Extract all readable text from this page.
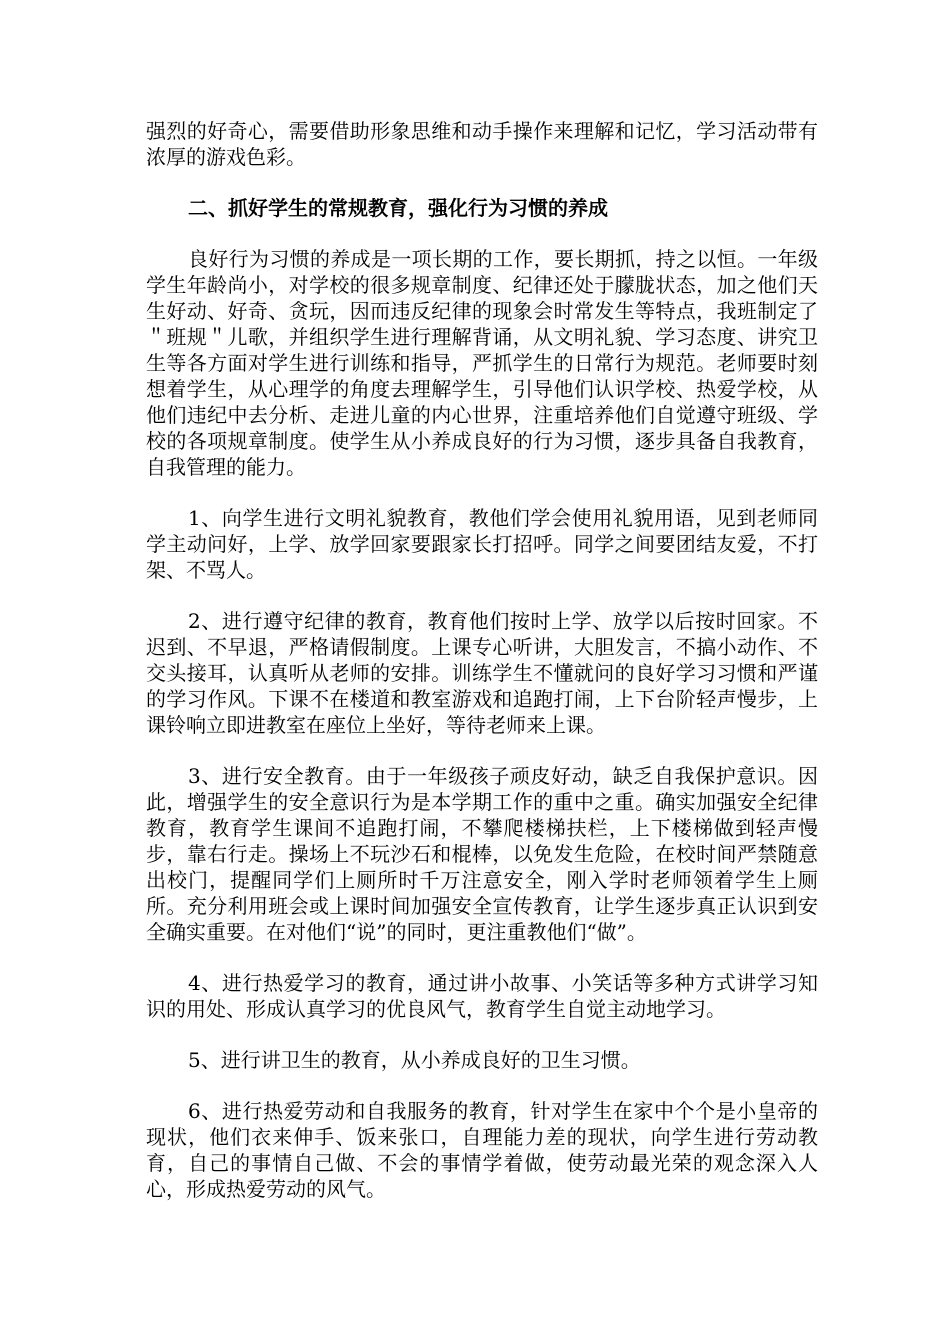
强烈的好奇心，需要借助形象思维和动手操作来理解和记忆，学习活动带有浓厚的游戏色彩。

二、抓好学生的常规教育，强化行为习惯的养成

良好行为习惯的养成是一项长期的工作，要长期抓，持之以恒。一年级学生年龄尚小，对学校的很多规章制度、纪律还处于朦胧状态，加之他们天生好动、好奇、贪玩，因而违反纪律的现象会时常发生等特点，我班制定了＂班规＂儿歌，并组织学生进行理解背诵，从文明礼貌、学习态度、讲究卫生等各方面对学生进行训练和指导，严抓学生的日常行为规范。老师要时刻想着学生，从心理学的角度去理解学生，引导他们认识学校、热爱学校，从他们违纪中去分析、走进儿童的内心世界，注重培养他们自觉遵守班级、学校的各项规章制度。使学生从小养成良好的行为习惯，逐步具备自我教育，自我管理的能力。

1、向学生进行文明礼貌教育，教他们学会使用礼貌用语，见到老师同学主动问好，上学、放学回家要跟家长打招呼。同学之间要团结友爱，不打架、不骂人。

2、进行遵守纪律的教育，教育他们按时上学、放学以后按时回家。不迟到、不早退，严格请假制度。上课专心听讲，大胆发言，不搞小动作、不交头接耳，认真听从老师的安排。训练学生不懂就问的良好学习习惯和严谨的学习作风。下课不在楼道和教室游戏和追跑打闹，上下台阶轻声慢步，上课铃响立即进教室在座位上坐好，等待老师来上课。

3、进行安全教育。由于一年级孩子顽皮好动，缺乏自我保护意识。因此，增强学生的安全意识行为是本学期工作的重中之重。确实加强安全纪律教育，教育学生课间不追跑打闹，不攀爬楼梯扶栏，上下楼梯做到轻声慢步，靠右行走。操场上不玩沙石和棍棒，以免发生危险，在校时间严禁随意出校门，提醒同学们上厕所时千万注意安全，刚入学时老师领着学生上厕所。充分利用班会或上课时间加强安全宣传教育，让学生逐步真正认识到安全确实重要。在对他们“说”的同时，更注重教他们“做”。

4、进行热爱学习的教育，通过讲小故事、小笑话等多种方式讲学习知识的用处、形成认真学习的优良风气，教育学生自觉主动地学习。

5、进行讲卫生的教育，从小养成良好的卫生习惯。

6、进行热爱劳动和自我服务的教育，针对学生在家中个个是小皇帝的现状，他们衣来伸手、饭来张口，自理能力差的现状，向学生进行劳动教育，自己的事情自己做、不会的事情学着做，使劳动最光荣的观念深入人心，形成热爱劳动的风气。
